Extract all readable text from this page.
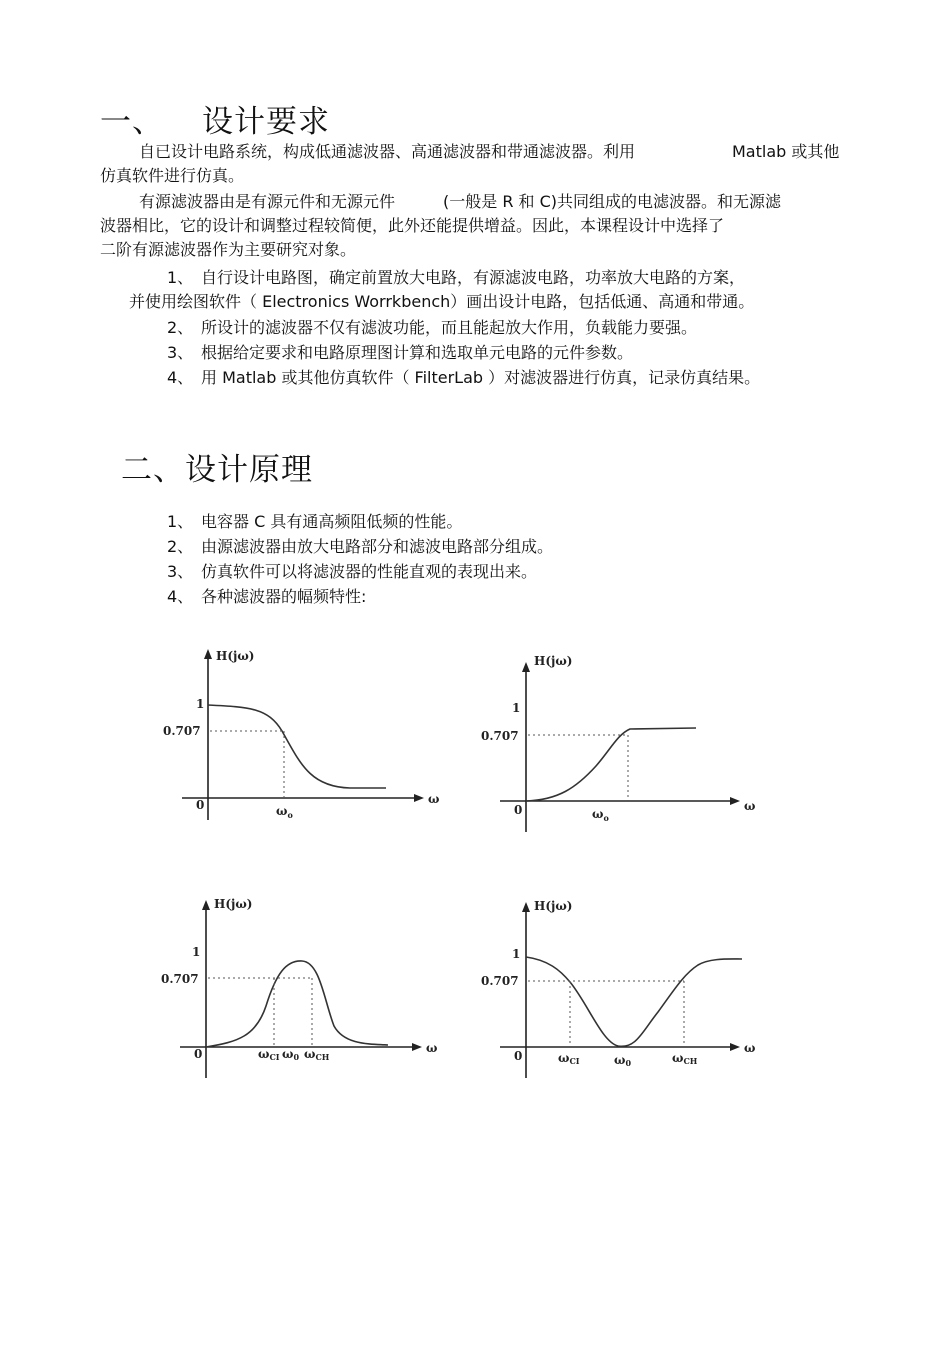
一、 设计要求
自已设计电路系统，构成低通滤波器、高通滤波器和带通滤波器。利用	Matlab 或其他
仿真软件进行仿真。
有源滤波器由是有源元件和无源元件	(一般是 R 和 C)共同组成的电滤波器。和无源滤
波器相比，它的设计和调整过程较简便，此外还能提供增益。因此，本课程设计中选择了
二阶有源滤波器作为主要研究对象。
1、 自行设计电路图，确定前置放大电路，有源滤波电路，功率放大电路的方案，
并使用绘图软件（ Electronics Worrkbench）画出设计电路，包括低通、高通和带通。
2、 所设计的滤波器不仅有滤波功能，而且能起放大作用，负载能力要强。
3、 根据给定要求和电路原理图计算和选取单元电路的元件参数。
4、 用 Matlab 或其他仿真软件（ FilterLab ）对滤波器进行仿真，记录仿真结果。
二、设计原理
1、 电容器 C 具有通高频阻低频的性能。
2、 由源滤波器由放大电路部分和滤波电路部分组成。
3、 仿真软件可以将滤波器的性能直观的表现出来。
4、 各种滤波器的幅频特性:
H(jω)
1
0.707
0	$\omega_o$
ω
H(jω)
1
0.707
0	$\omega_o$
ω
H(jω)
1
0.707
0	ωCI ω0 ωCH
ω
H(jω)
1
0.707
0	ωCI	ω0	ωCH
ω
